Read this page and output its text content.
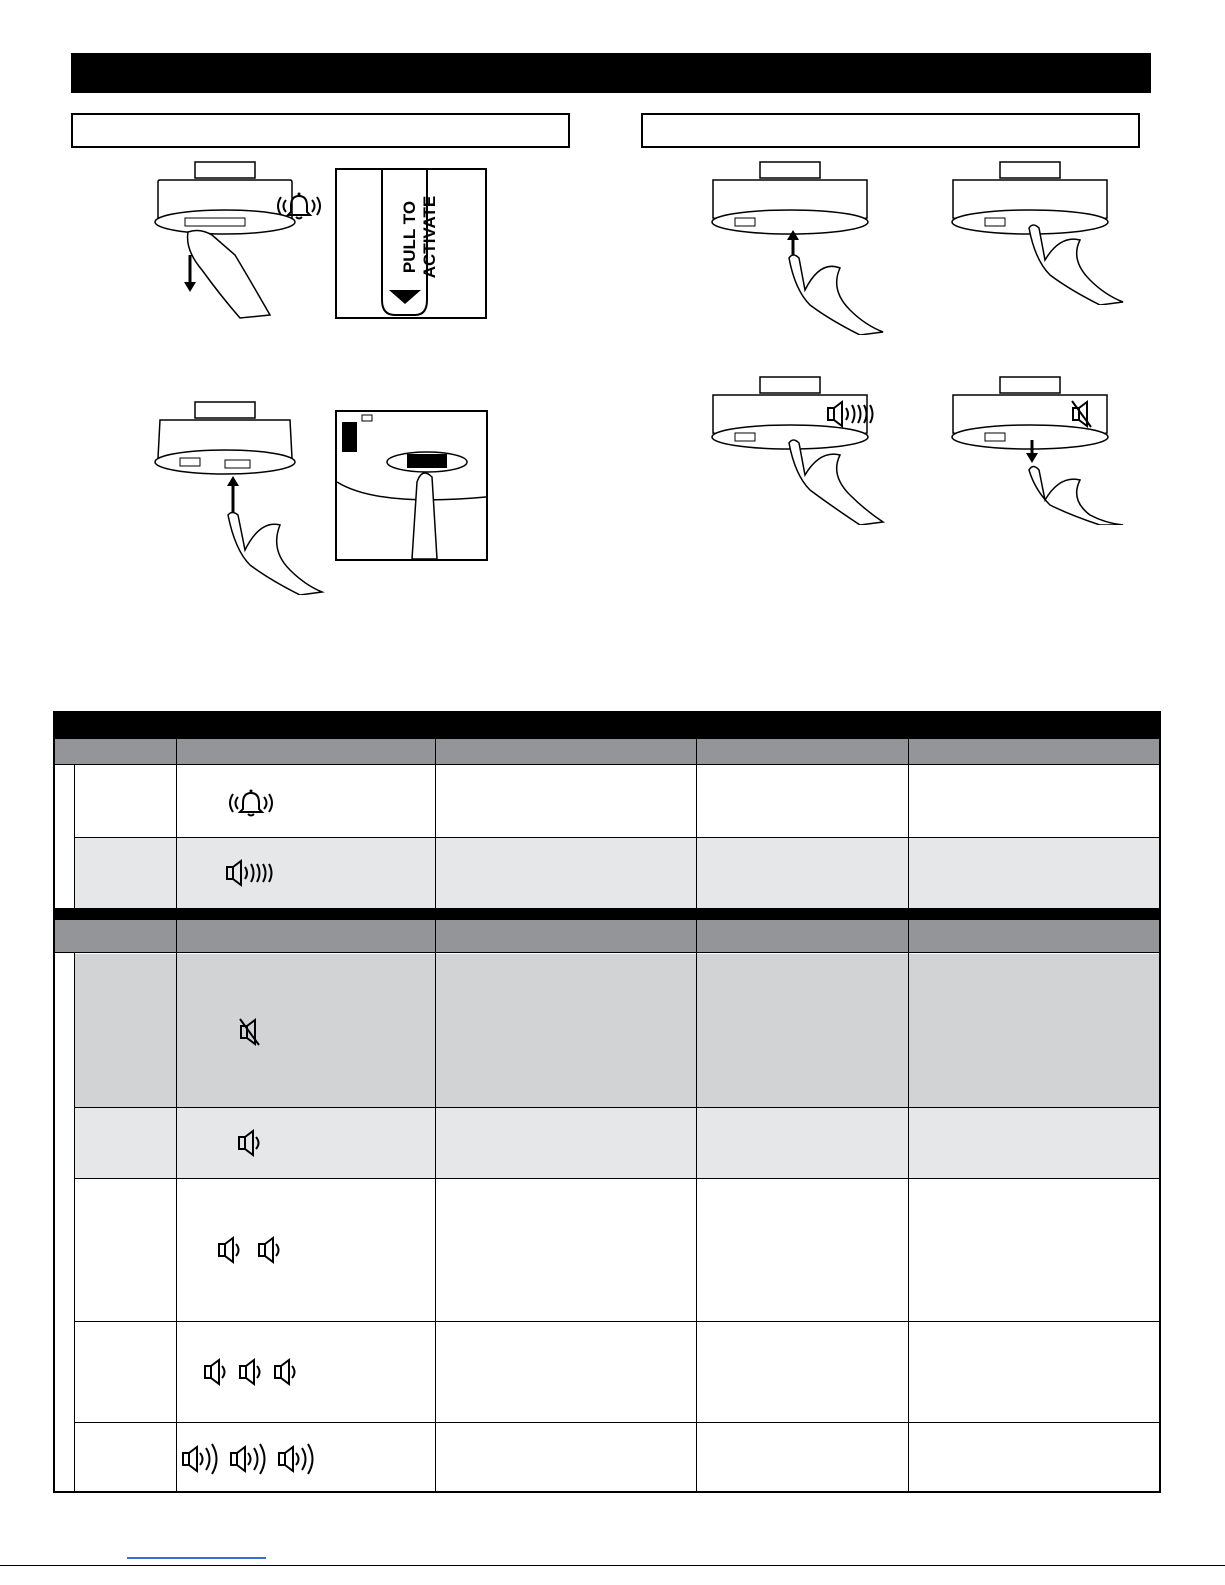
PULL TO ACTIVATE
